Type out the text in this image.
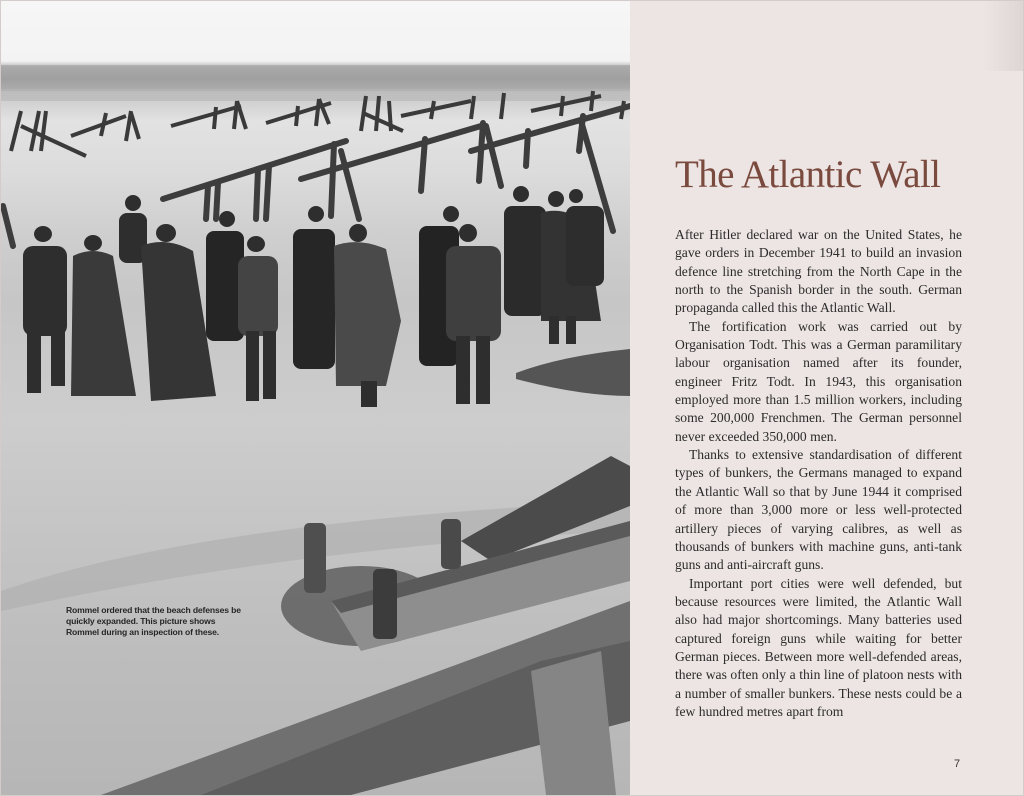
Rommel ordered that the beach defenses be quickly expanded. This picture shows Rommel during an inspection of these.
The Atlantic Wall

After Hitler declared war on the United States, he gave orders in December 1941 to build an invasion defence line stretching from the North Cape in the north to the Spanish border in the south. German propaganda called this the Atlantic Wall.

The fortification work was carried out by Organisation Todt. This was a German paramilitary labour organisation named after its founder, engineer Fritz Todt. In 1943, this organisation employed more than 1.5 million workers, including some 200,000 Frenchmen. The German personnel never exceeded 350,000 men.

Thanks to extensive standardisation of different types of bunkers, the Germans managed to expand the Atlantic Wall so that by June 1944 it comprised of more than 3,000 more or less well-protected artillery pieces of varying calibres, as well as thousands of bunkers with machine guns, anti-tank guns and anti-aircraft guns.

Important port cities were well defended, but because resources were limited, the Atlantic Wall also had major shortcomings. Many batteries used captured foreign guns while waiting for better German pieces. Between more well-defended areas, there was often only a thin line of platoon nests with a number of smaller bunkers. These nests could be a few hundred metres apart from

7
